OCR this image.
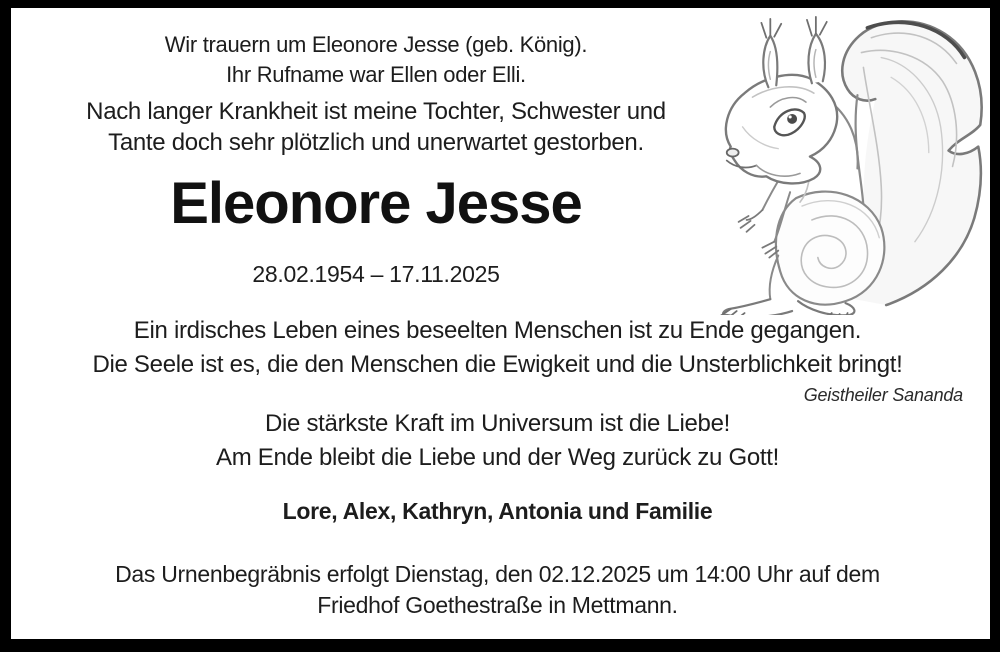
Wir trauern um Eleonore Jesse (geb. König).
Ihr Rufname war Ellen oder Elli.
Nach langer Krankheit ist meine Tochter, Schwester und
Tante doch sehr plötzlich und unerwartet gestorben.
Eleonore Jesse
28.02.1954 – 17.11.2025
Ein irdisches Leben eines beseelten Menschen ist zu Ende gegangen.
Die Seele ist es, die den Menschen die Ewigkeit und die Unsterblichkeit bringt!
Geistheiler Sananda
Die stärkste Kraft im Universum ist die Liebe!
Am Ende bleibt die Liebe und der Weg zurück zu Gott!
Lore, Alex, Kathryn, Antonia und Familie
Das Urnenbegräbnis erfolgt Dienstag, den 02.12.2025 um 14:00 Uhr auf dem
Friedhof Goethestraße in Mettmann.
